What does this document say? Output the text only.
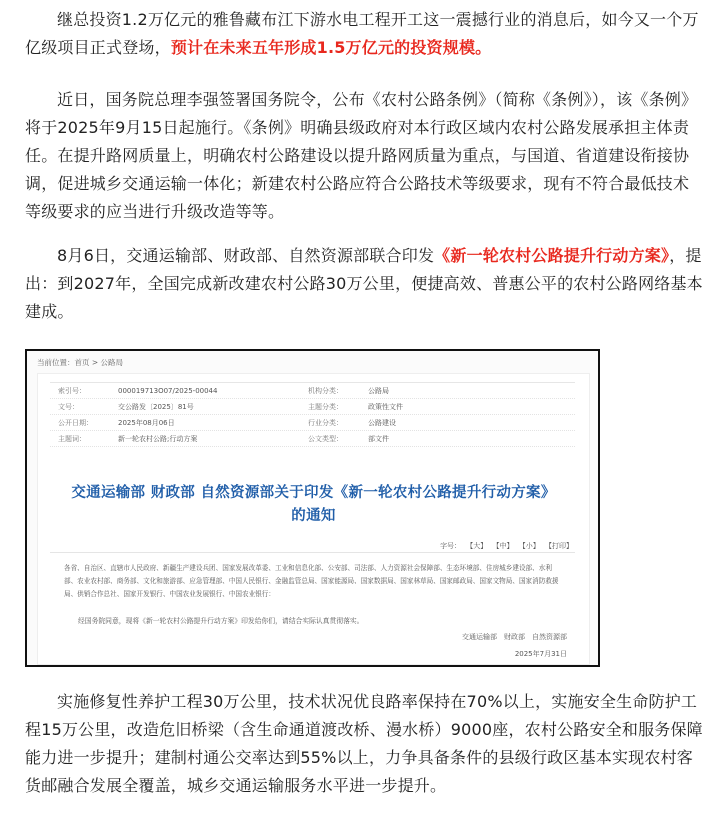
继总投资1.2万亿元的雅鲁藏布江下游水电工程开工这一震撼行业的消息后，如今又一个万亿级项目正式登场，预计在未来五年形成1.5万亿元的投资规模。

近日，国务院总理李强签署国务院令，公布《农村公路条例》（简称《条例》），该《条例》将于2025年9月15日起施行。《条例》明确县级政府对本行政区域内农村公路发展承担主体责任。在提升路网质量上，明确农村公路建设以提升路网质量为重点，与国道、省道建设衔接协调，促进城乡交通运输一体化；新建农村公路应符合公路技术等级要求，现有不符合最低技术等级要求的应当进行升级改造等等。

8月6日，交通运输部、财政部、自然资源部联合印发《新一轮农村公路提升行动方案》，提出：到2027年，全国完成新改建农村公路30万公里，便捷高效、普惠公平的农村公路网络基本建成。

当前位置：首页 > 公路局
索引号：	000019713O07/2025-00044	机构分类：	公路局
文号：	交公路发〔2025〕81号	主题分类：	政策性文件
公开日期：	2025年08月06日	行业分类：	公路建设
主题词：	新一轮农村公路;行动方案	公文类型：	部文件
交通运输部 财政部 自然资源部关于印发《新一轮农村公路提升行动方案》
的通知
字号： 【大】 【中】 【小】 【打印】
各省、自治区、直辖市人民政府、新疆生产建设兵团、国家发展改革委、工业和信息化部、公安部、司法部、人力资源社会保障部、生态环境部、住房城乡建设部、水利部、农业农村部、商务部、文化和旅游部、应急管理部、中国人民银行、金融监管总局、国家能源局、国家数据局、国家林草局、国家邮政局、国家文物局、国家消防救援局、供销合作总社、国家开发银行、中国农业发展银行、中国农业银行：
经国务院同意，现将《新一轮农村公路提升行动方案》印发给你们，请结合实际认真贯彻落实。
交通运输部　财政部　自然资源部
2025年7月31日

实施修复性养护工程30万公里，技术状况优良路率保持在70%以上，实施安全生命防护工程15万公里，改造危旧桥梁（含生命通道渡改桥、漫水桥）9000座，农村公路安全和服务保障能力进一步提升；建制村通公交率达到55%以上，力争具备条件的县级行政区基本实现农村客货邮融合发展全覆盖，城乡交通运输服务水平进一步提升。
